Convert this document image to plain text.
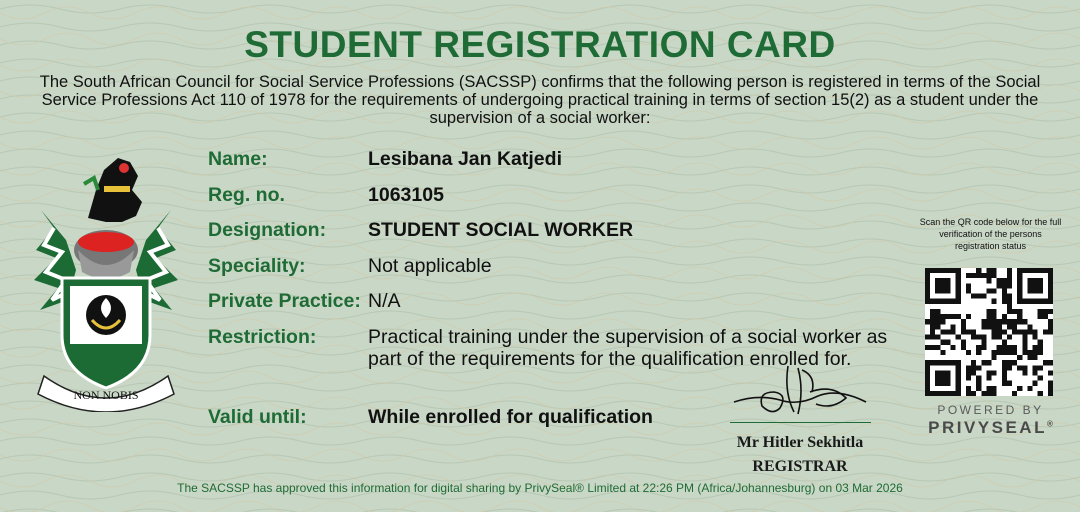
STUDENT REGISTRATION CARD
The South African Council for Social Service Professions (SACSSP) confirms that the following person is registered in terms of the Social Service Professions Act 110 of 1978 for the requirements of undergoing practical training in terms of section 15(2) as a student under the supervision of a social worker:
NON NOBIS
Name:	Lesibana Jan Katjedi
Reg. no.	1063105
Designation: STUDENT SOCIAL WORKER
Speciality:	Not applicable
Private Practice: N/A
Restriction:	Practical training under the supervision of a social worker as part of the requirements for the qualification enrolled for.
Valid until:	While enrolled for qualification
Mr Hitler Sekhitla
REGISTRAR
Scan the QR code below for the full verification of the persons registration status
POWERED BY
PRIVYSEAL®
The SACSSP has approved this information for digital sharing by PrivySeal® Limited at 22:26 PM (Africa/Johannesburg) on 03 Mar 2026
